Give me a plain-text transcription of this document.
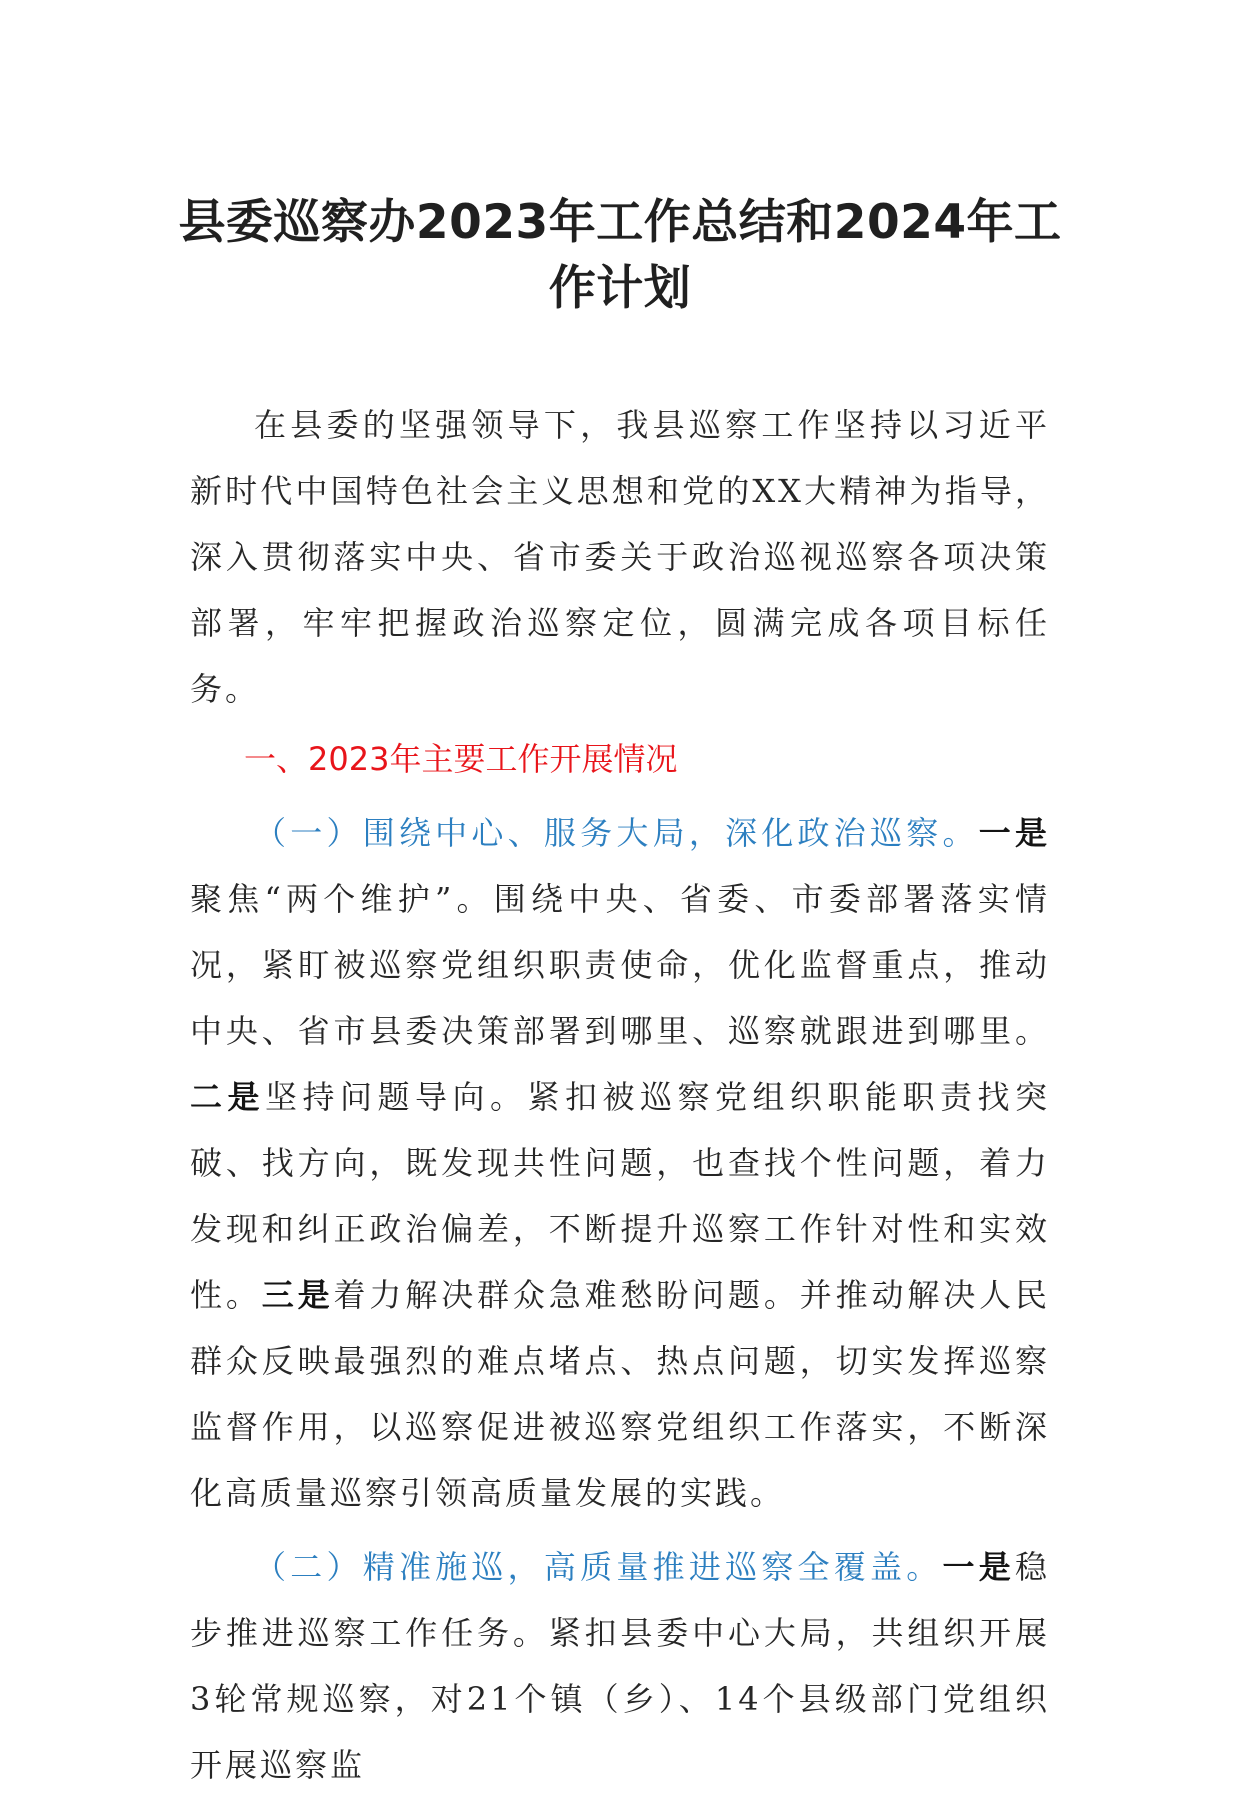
县委巡察办2023年工作总结和2024年工作计划

在县委的坚强领导下，我县巡察工作坚持以习近平新时代中国特色社会主义思想和党的XX大精神为指导，深入贯彻落实中央、省市委关于政治巡视巡察各项决策部署，牢牢把握政治巡察定位，圆满完成各项目标任务。

一、2023年主要工作开展情况

（一）围绕中心、服务大局，深化政治巡察。一是聚焦“两个维护”。围绕中央、省委、市委部署落实情况，紧盯被巡察党组织职责使命，优化监督重点，推动中央、省市县委决策部署到哪里、巡察就跟进到哪里。二是坚持问题导向。紧扣被巡察党组织职能职责找突破、找方向，既发现共性问题，也查找个性问题，着力发现和纠正政治偏差，不断提升巡察工作针对性和实效性。三是着力解决群众急难愁盼问题。并推动解决人民群众反映最强烈的难点堵点、热点问题，切实发挥巡察监督作用，以巡察促进被巡察党组织工作落实，不断深化高质量巡察引领高质量发展的实践。

（二）精准施巡，高质量推进巡察全覆盖。一是稳步推进巡察工作任务。紧扣县委中心大局，共组织开展3轮常规巡察，对21个镇（乡）、14个县级部门党组织开展巡察监
